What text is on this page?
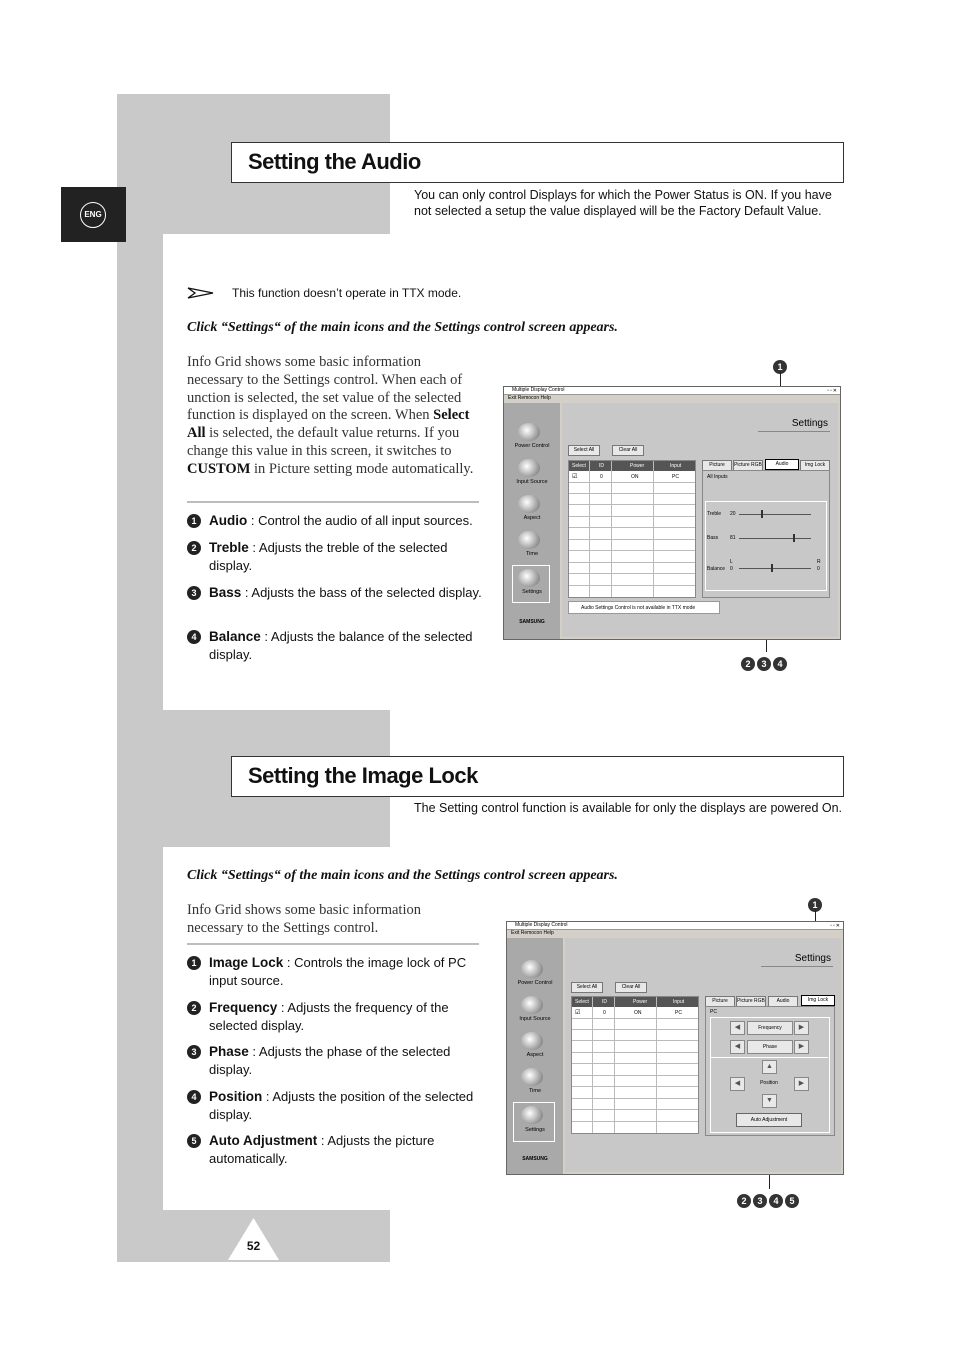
ENG
Setting the Audio
You can only control Displays for which the Power Status is ON. If you have not selected a setup the value displayed will be the Factory Default Value.
This function doesn’t operate in TTX mode.
Click “Settings“ of the main icons and the Settings control screen appears.
Info Grid shows some basic information necessary to the Settings control. When each of unction is selected, the set value of the selected function is displayed on the screen. When Select All is selected, the default value returns. If you change this value in this screen, it switches to CUSTOM in Picture setting mode automatically.
1 Audio : Control the audio of all input sources.
2 Treble : Adjusts the treble of the selected display.
3 Bass : Adjusts the bass of the selected display.
4 Balance : Adjusts the balance of the selected display.
1
2 3 4
Multiple Display Control	▫▫✕
Exit Remocon Help
Power Control
Input Source
Aspect
Time
Settings
SAMSUNG
Settings
Select All	Clear All
Select	ID	Power	Input
☑	0	ON	PC
Picture	Picture RGB	Audio	Img Lock
All Inputs
Treble 20
Bass 81
Balance
L
0
R
0
Audio Settings Control is not available in TTX mode
Setting the Image Lock
The Setting control function is available for only the displays are powered On.
Click “Settings“ of the main icons and the Settings control screen appears.
Info Grid shows some basic information necessary to the Settings control.
1 Image Lock : Controls the image lock of PC input source.
2 Frequency : Adjusts the frequency of the selected display.
3 Phase : Adjusts the phase of the selected display.
4 Position : Adjusts the position of the selected display.
5 Auto Adjustment : Adjusts the picture automatically.
1
2 3 4 5
Multiple Display Control	▫▫✕
Exit Remocon Help
Power Control
Input Source
Aspect
Time
Settings
SAMSUNG
Settings
Select All	Clear All
Select	ID	Power	Input
☑	0	ON	PC
Picture	Picture RGB	Audio	Img Lock
PC
◀	Frequency	▶
◀	Phase	▶
▲
◀	Position	▶
▼
Auto Adjustment
52
